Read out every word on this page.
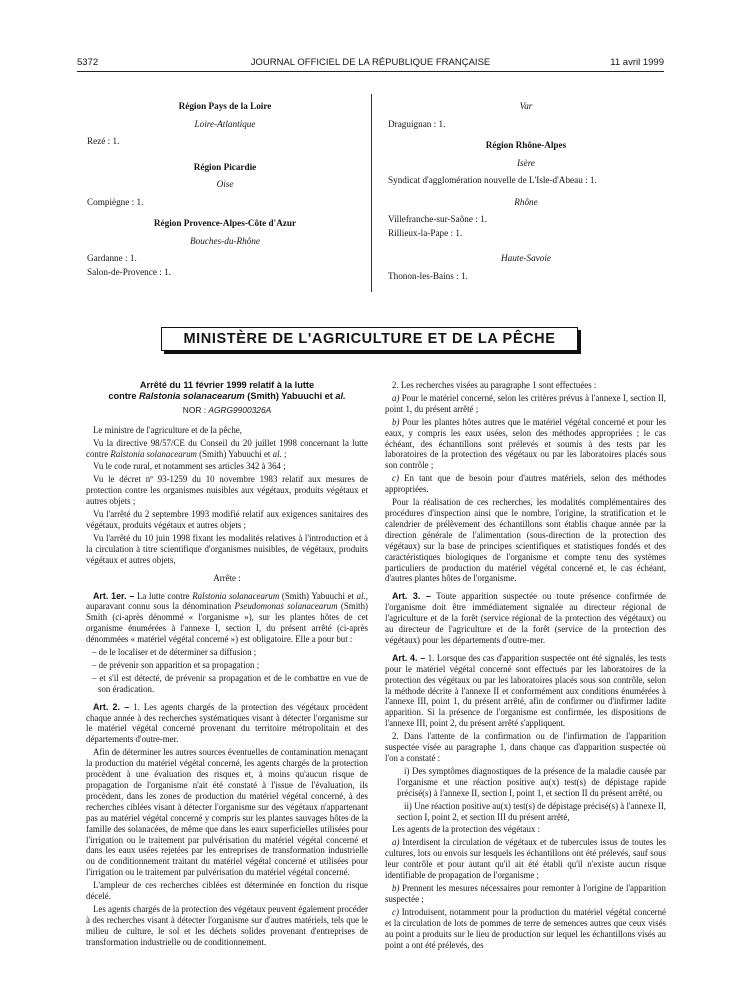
5372	JOURNAL OFFICIEL DE LA RÉPUBLIQUE FRANÇAISE	11 avril 1999

Région Pays de la Loire

Loire-Atlantique

Rezé : 1.

Région Picardie

Oise

Compiègne : 1.

Région Provence-Alpes-Côte d'Azur

Bouches-du-Rhône

Gardanne : 1.

Salon-de-Provence : 1.

Var

Draguignan : 1.

Région Rhône-Alpes

Isère

Syndicat d'agglomération nouvelle de L'Isle-d'Abeau : 1.

Rhône

Villefranche-sur-Saône : 1.

Rillieux-la-Pape : 1.

Haute-Savoie

Thonon-les-Bains : 1.

MINISTÈRE DE L'AGRICULTURE ET DE LA PÊCHE
Arrêté du 11 février 1999 relatif à la lutte
contre Ralstonia solanacearum (Smith) Yabuuchi et al.
NOR : AGRG9900326A

Le ministre de l'agriculture et de la pêche,

Vu la directive 98/57/CE du Conseil du 20 juillet 1998 concernant la lutte contre Ralstonia solanacearum (Smith) Yabuuchi et al. ;

Vu le code rural, et notamment ses articles 342 à 364 ;

Vu le décret nº 93-1259 du 10 novembre 1983 relatif aux mesures de protection contre les organismes nuisibles aux végétaux, produits végétaux et autres objets ;

Vu l'arrêté du 2 septembre 1993 modifié relatif aux exigences sanitaires des végétaux, produits végétaux et autres objets ;

Vu l'arrêté du 10 juin 1998 fixant les modalités relatives à l'introduction et à la circulation à titre scientifique d'organismes nuisibles, de végétaux, produits végétaux et autres objets,

Arrête :

Art. 1er. – La lutte contre Ralstonia solanacearum (Smith) Yabuuchi et al., auparavant connu sous la dénomination Pseudomonas solanacearum (Smith) Smith (ci-après dénommé « l'organisme »), sur les plantes hôtes de cet organisme énumérées à l'annexe I, section I, du présent arrêté (ci-après dénommées « matériel végétal concerné ») est obligatoire. Elle a pour but :

– de le localiser et de déterminer sa diffusion ;

– de prévenir son apparition et sa propagation ;

– et s'il est détecté, de prévenir sa propagation et de le combattre en vue de son éradication.

Art. 2. – 1. Les agents chargés de la protection des végétaux procèdent chaque année à des recherches systématiques visant à détecter l'organisme sur le matériel végétal concerné provenant du territoire métropolitain et des départements d'outre-mer.

Afin de déterminer les autres sources éventuelles de contamination menaçant la production du matériel végétal concerné, les agents chargés de la protection procèdent à une évaluation des risques et, à moins qu'aucun risque de propagation de l'organisme n'ait été constaté à l'issue de l'évaluation, ils procèdent, dans les zones de production du matériel végétal concerné, à des recherches ciblées visant à détecter l'organisme sur des végétaux n'appartenant pas au matériel végétal concerné y compris sur les plantes sauvages hôtes de la famille des solanacées, de même que dans les eaux superficielles utilisées pour l'irrigation ou le traitement par pulvérisation du matériel végétal concerné et dans les eaux usées rejetées par les entreprises de transformation industrielle ou de conditionnement traitant du matériel végétal concerné et utilisées pour l'irrigation ou le traitement par pulvérisation du matériel végétal concerné.

L'ampleur de ces recherches ciblées est déterminée en fonction du risque décelé.

Les agents chargés de la protection des végétaux peuvent également procéder à des recherches visant à détecter l'organisme sur d'autres matériels, tels que le milieu de culture, le sol et les déchets solides provenant d'entreprises de transformation industrielle ou de conditionnement.

2. Les recherches visées au paragraphe 1 sont effectuées :

a) Pour le matériel concerné, selon les critères prévus à l'annexe I, section II, point 1, du présent arrêté ;

b) Pour les plantes hôtes autres que le matériel végétal concerné et pour les eaux, y compris les eaux usées, selon des méthodes appropriées ; le cas échéant, des échantillons sont prélevés et soumis à des tests par les laboratoires de la protection des végétaux ou par les laboratoires placés sous son contrôle ;

c) En tant que de besoin pour d'autres matériels, selon des méthodes appropriées.

Pour la réalisation de ces recherches, les modalités complémentaires des procédures d'inspection ainsi que le nombre, l'origine, la stratification et le calendrier de prélèvement des échantillons sont établis chaque année par la direction générale de l'alimentation (sous-direction de la protection des végétaux) sur la base de principes scientifiques et statistiques fondés et des caractéristiques biologiques de l'organisme et compte tenu des systèmes particuliers de production du matériel végétal concerné et, le cas échéant, d'autres plantes hôtes de l'organisme.

Art. 3. – Toute apparition suspectée ou toute présence confirmée de l'organisme doit être immédiatement signalée au directeur régional de l'agriculture et de la forêt (service régional de la protection des végétaux) ou au directeur de l'agriculture et de la forêt (service de la protection des végétaux) pour les départements d'outre-mer.

Art. 4. – 1. Lorsque des cas d'apparition suspectée ont été signalés, les tests pour le matériel végétal concerné sont effectués par les laboratoires de la protection des végétaux ou par les laboratoires placés sous son contrôle, selon la méthode décrite à l'annexe II et conformément aux conditions énumérées à l'annexe III, point 1, du présent arrêté, afin de confirmer ou d'infirmer ladite apparition. Si la présence de l'organisme est confirmée, les dispositions de l'annexe III, point 2, du présent arrêté s'appliquent.

2. Dans l'attente de la confirmation ou de l'infirmation de l'apparition suspectée visée au paragraphe 1, dans chaque cas d'apparition suspectée où l'on a constaté :

i) Des symptômes diagnostiques de la présence de la maladie causée par l'organisme et une réaction positive au(x) test(s) de dépistage rapide précisé(s) à l'annexe II, section I, point 1, et section II du présent arrêté, ou

ii) Une réaction positive au(x) test(s) de dépistage précisé(s) à l'annexe II, section I, point 2, et section III du présent arrêté,

Les agents de la protection des végétaux :

a) Interdisent la circulation de végétaux et de tubercules issus de toutes les cultures, lots ou envois sur lesquels les échantillons ont été prélevés, sauf sous leur contrôle et pour autant qu'il ait été établi qu'il n'existe aucun risque identifiable de propagation de l'organisme ;

b) Prennent les mesures nécessaires pour remonter à l'origine de l'apparition suspectée ;

c) Introduisent, notamment pour la production du matériel végétal concerné et la circulation de lots de pommes de terre de semences autres que ceux visés au point a produits sur le lieu de production sur lequel les échantillons visés au point a ont été prélevés, des
